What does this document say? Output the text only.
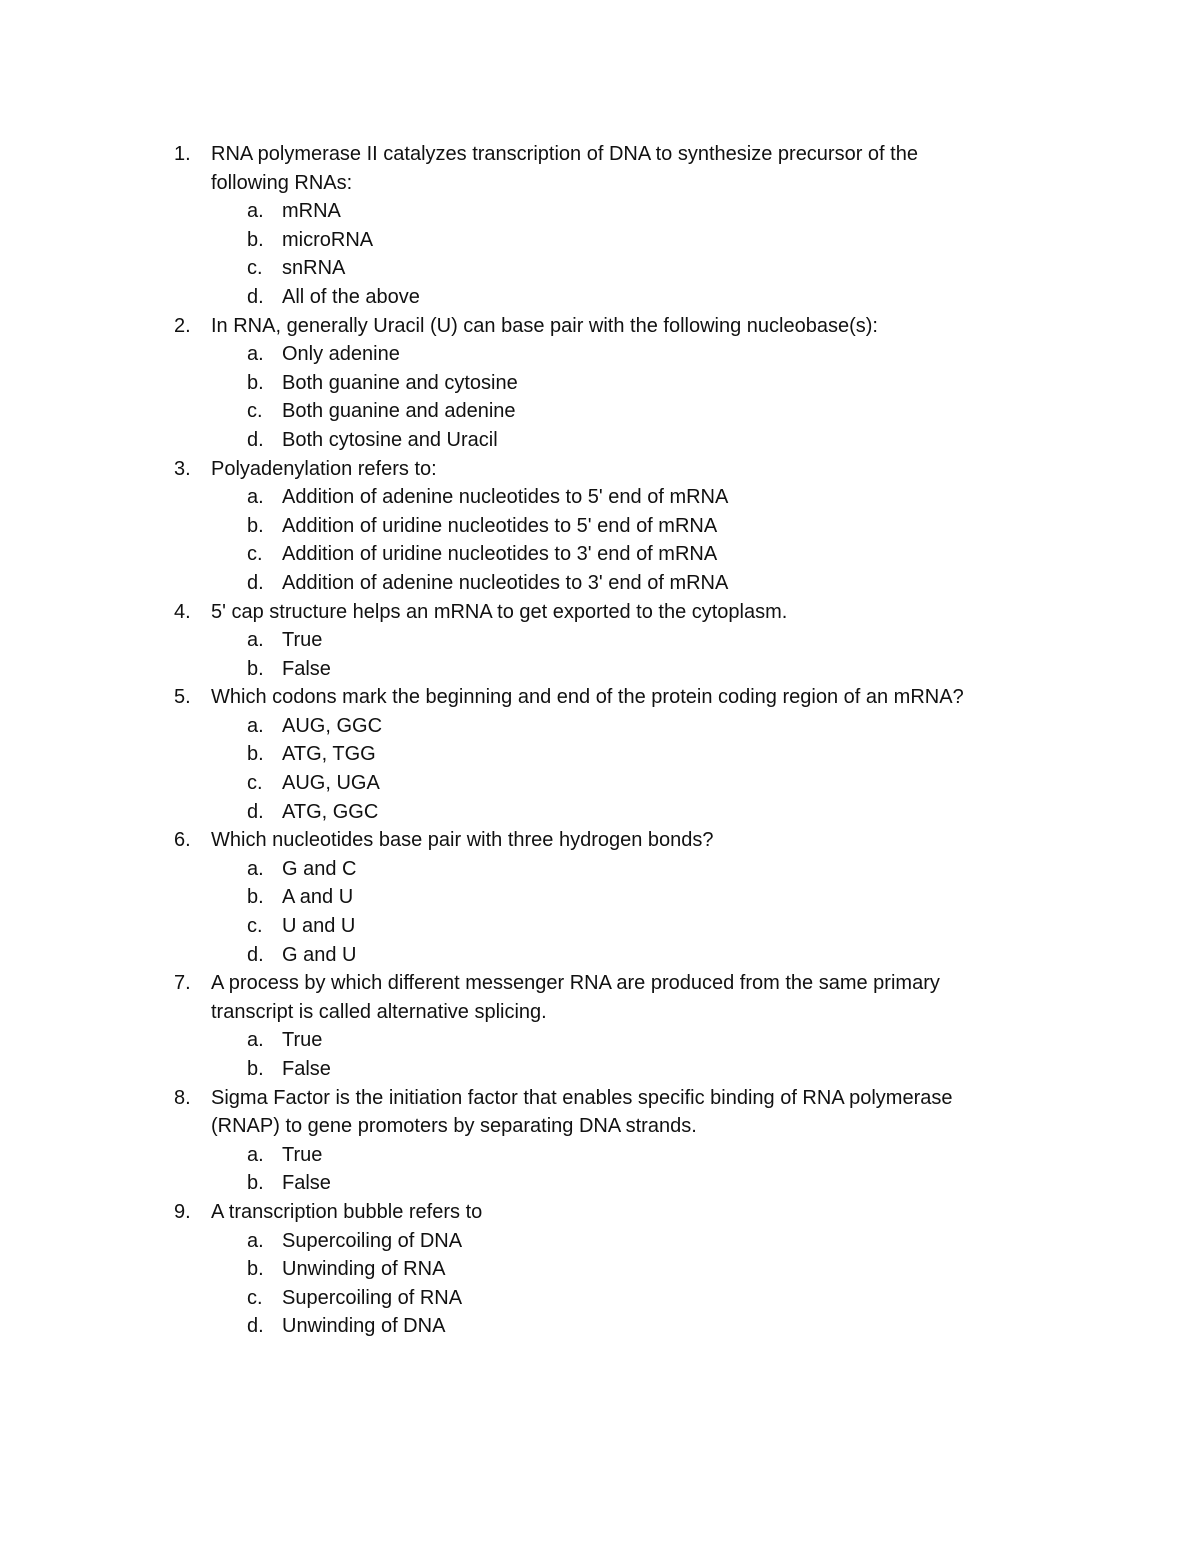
1. RNA polymerase II catalyzes transcription of DNA to synthesize precursor of the
following RNAs:
a. mRNA
b. microRNA
c. snRNA
d. All of the above
2. In RNA, generally Uracil (U) can base pair with the following nucleobase(s):
a. Only adenine
b. Both guanine and cytosine
c. Both guanine and adenine
d. Both cytosine and Uracil
3. Polyadenylation refers to:
a. Addition of adenine nucleotides to 5' end of mRNA
b. Addition of uridine nucleotides to 5' end of mRNA
c. Addition of uridine nucleotides to 3' end of mRNA
d. Addition of adenine nucleotides to 3' end of mRNA
4. 5' cap structure helps an mRNA to get exported to the cytoplasm.
a. True
b. False
5. Which codons mark the beginning and end of the protein coding region of an mRNA?
a. AUG, GGC
b. ATG, TGG
c. AUG, UGA
d. ATG, GGC
6. Which nucleotides base pair with three hydrogen bonds?
a. G and C
b. A and U
c. U and U
d. G and U
7. A process by which different messenger RNA are produced from the same primary
transcript is called alternative splicing.
a. True
b. False
8. Sigma Factor is the initiation factor that enables specific binding of RNA polymerase
(RNAP) to gene promoters by separating DNA strands.
a. True
b. False
9. A transcription bubble refers to
a. Supercoiling of DNA
b. Unwinding of RNA
c. Supercoiling of RNA
d. Unwinding of DNA
